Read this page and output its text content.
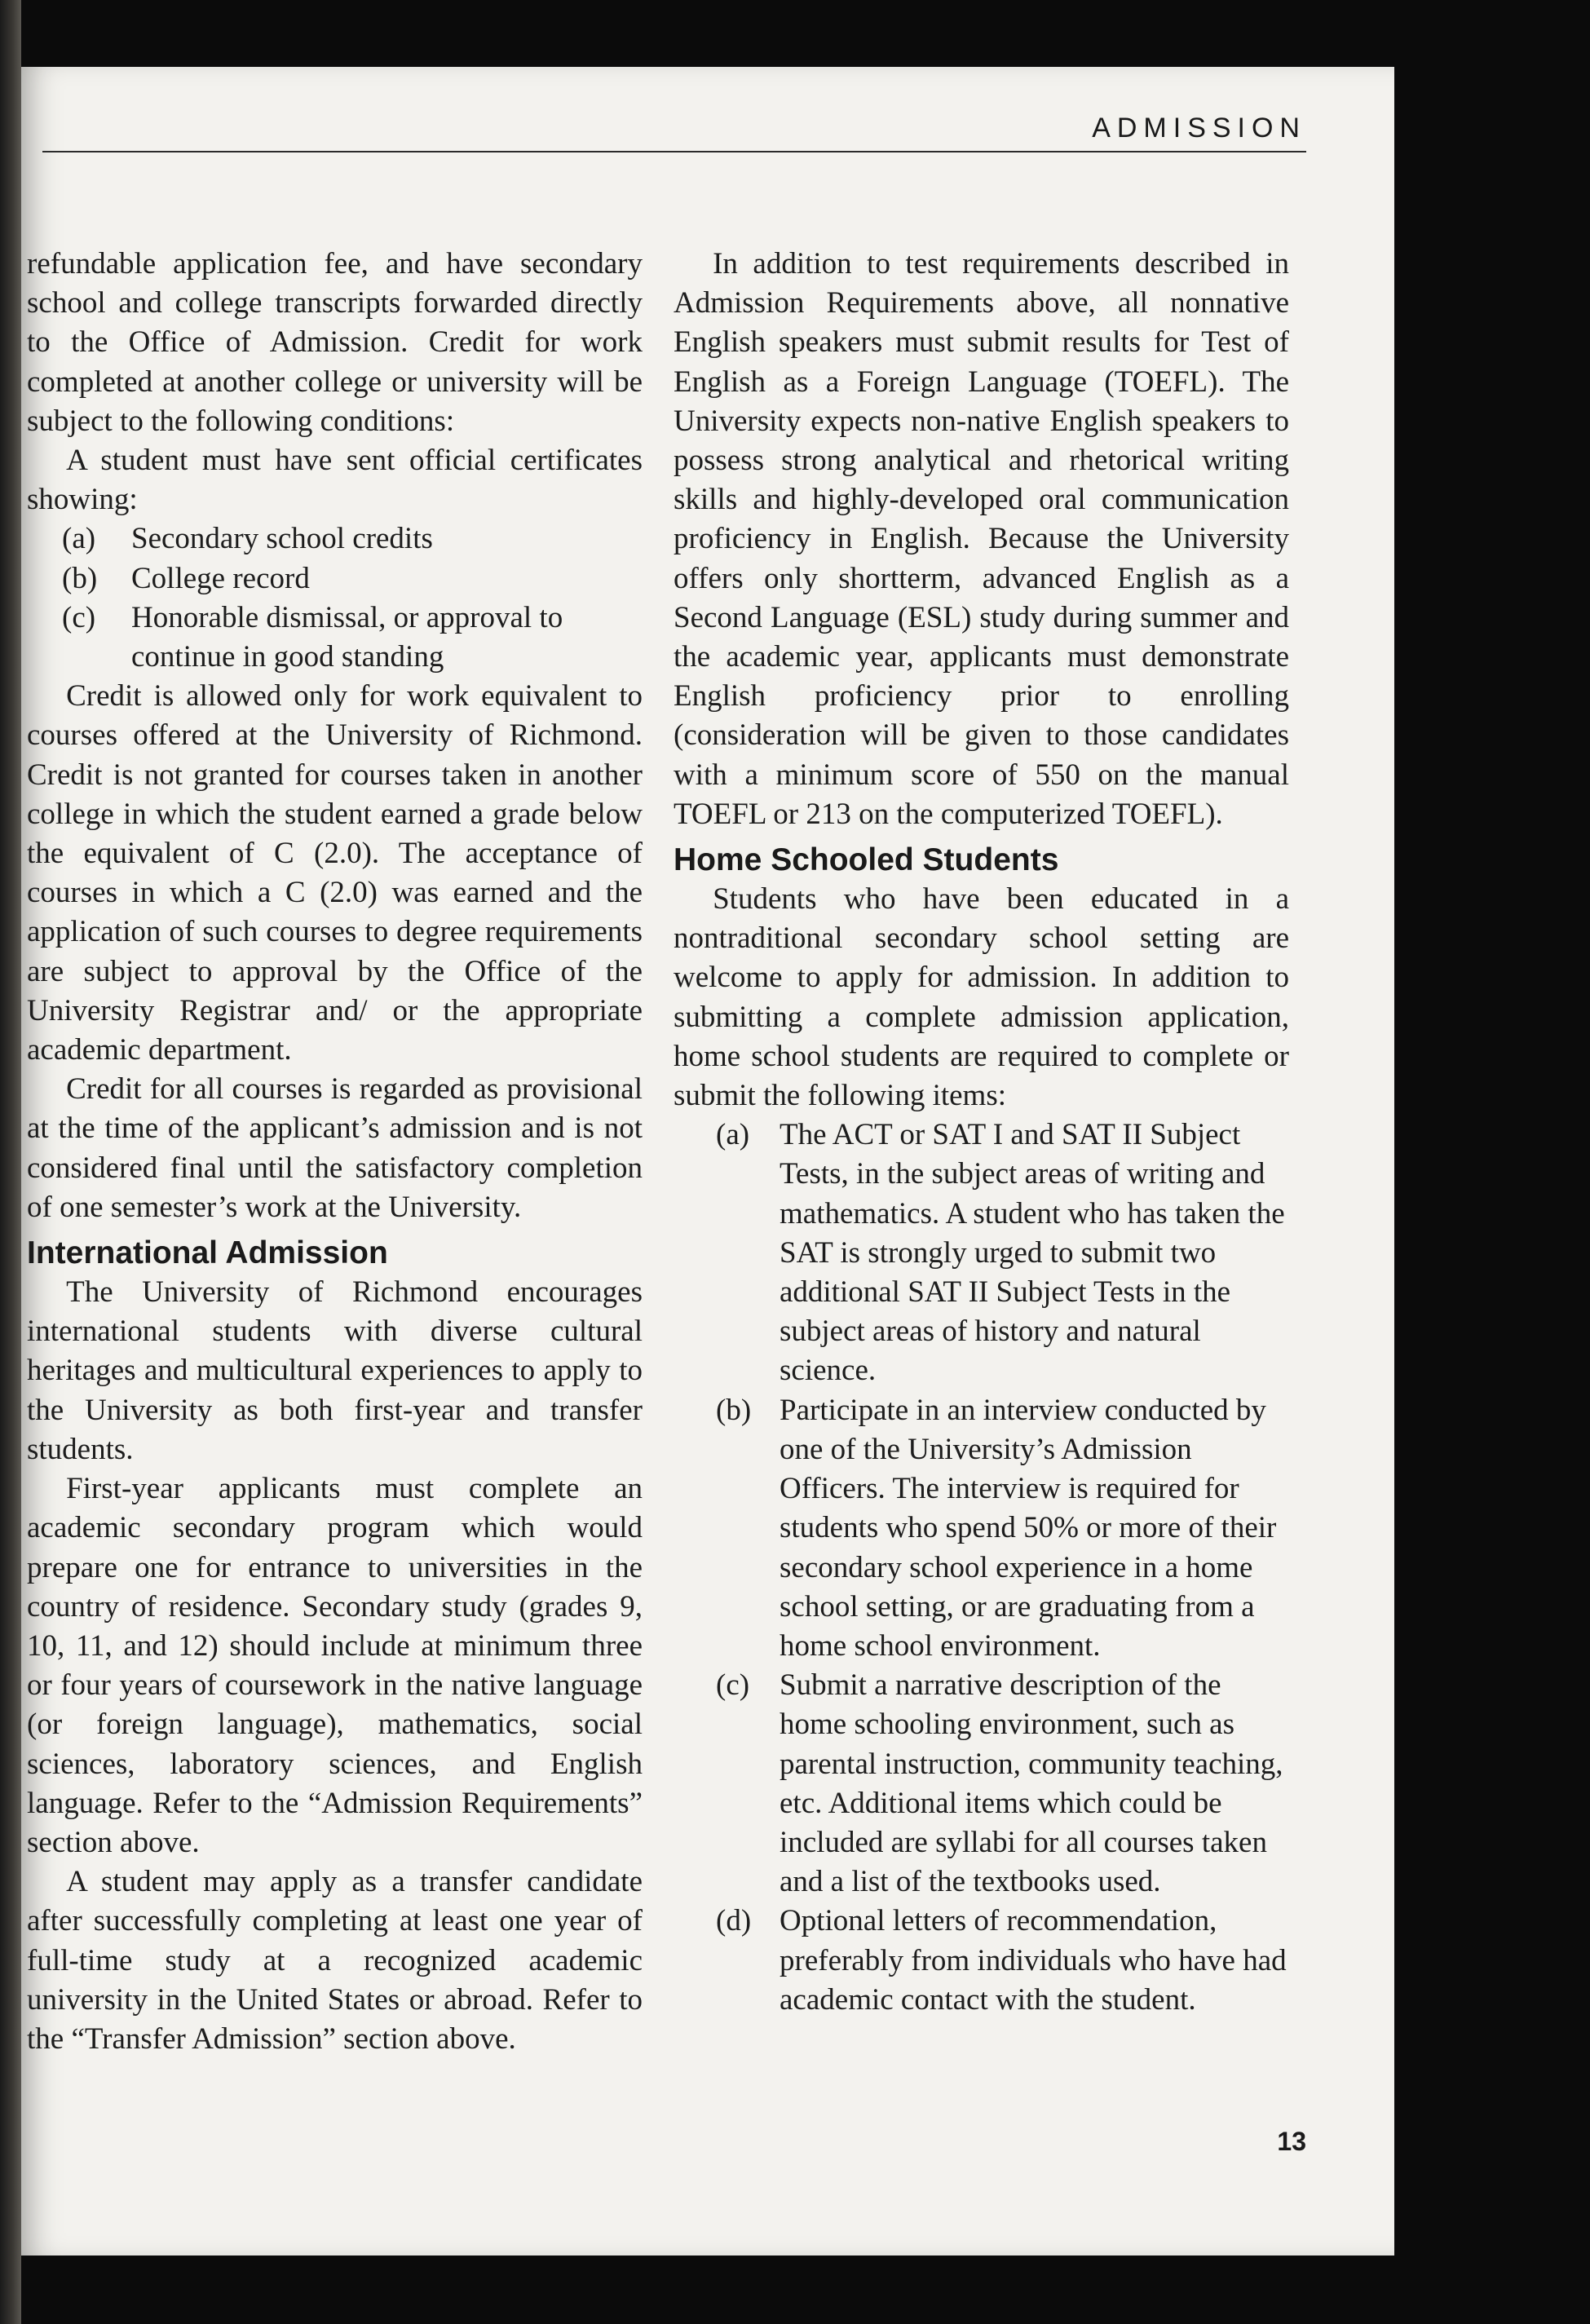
ADMISSION

refundable application fee, and have secondary school and college transcripts forwarded directly to the Office of Admission. Credit for work completed at another college or university will be subject to the following conditions:

A student must have sent official certificates showing:

(a) Secondary school credits
(b) College record
(c) Honorable dismissal, or approval to continue in good standing

Credit is allowed only for work equivalent to courses offered at the University of Richmond. Credit is not granted for courses taken in another college in which the student earned a grade below the equivalent of C (2.0). The acceptance of courses in which a C (2.0) was earned and the application of such courses to degree requirements are subject to approval by the Office of the University Registrar and/ or the appropriate academic department.

Credit for all courses is regarded as provisional at the time of the applicant’s admission and is not considered final until the satisfactory completion of one semester’s work at the University.

International Admission

The University of Richmond encourages international students with diverse cultural heritages and multicultural experiences to apply to the University as both first-year and transfer students.

First-year applicants must complete an academic secondary program which would prepare one for entrance to universities in the country of residence. Secondary study (grades 9, 10, 11, and 12) should include at minimum three or four years of coursework in the native language (or foreign language), mathematics, social sciences, laboratory sciences, and English language. Refer to the “Admission Requirements” section above.

A student may apply as a transfer candidate after successfully completing at least one year of full-time study at a recognized academic university in the United States or abroad. Refer to the “Transfer Admission” section above.

In addition to test requirements described in Admission Requirements above, all nonnative English speakers must submit results for Test of English as a Foreign Language (TOEFL). The University expects non-native English speakers to possess strong analytical and rhetorical writing skills and highly-developed oral communication proficiency in English. Because the University offers only shortterm, advanced English as a Second Language (ESL) study during summer and the academic year, applicants must demonstrate English proficiency prior to enrolling (consideration will be given to those candidates with a minimum score of 550 on the manual TOEFL or 213 on the computerized TOEFL).

Home Schooled Students

Students who have been educated in a nontraditional secondary school setting are welcome to apply for admission. In addition to submitting a complete admission application, home school students are required to complete or submit the following items:

(a) The ACT or SAT I and SAT II Subject Tests, in the subject areas of writing and mathematics. A student who has taken the SAT is strongly urged to submit two additional SAT II Subject Tests in the subject areas of history and natural science.
(b) Participate in an interview conducted by one of the University’s Admission Officers. The interview is required for students who spend 50% or more of their secondary school experience in a home school setting, or are graduating from a home school environment.
(c) Submit a narrative description of the home schooling environment, such as parental instruction, community teaching, etc. Additional items which could be included are syllabi for all courses taken and a list of the textbooks used.
(d) Optional letters of recommendation, preferably from individuals who have had academic contact with the student.
13
